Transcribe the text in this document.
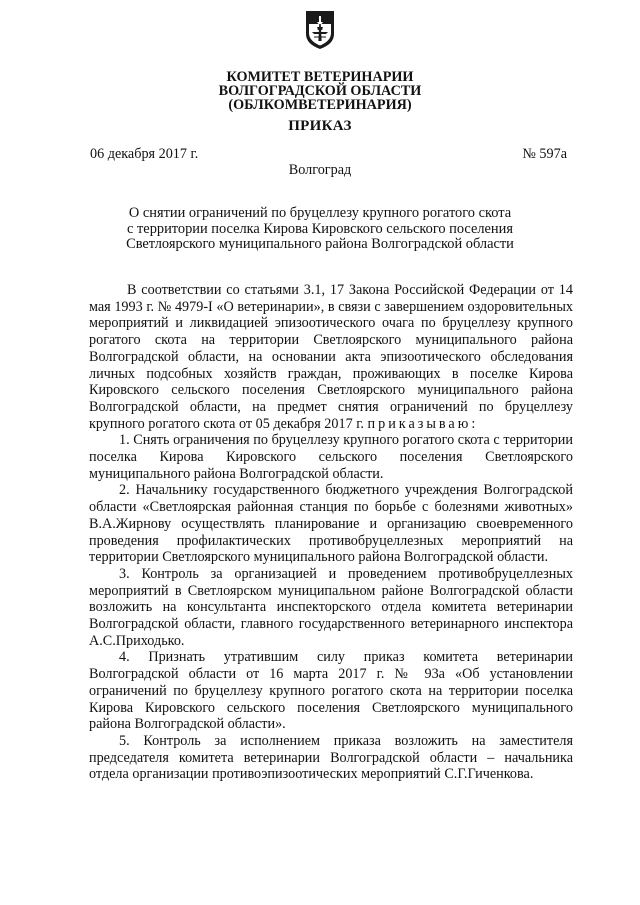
КОМИТЕТ ВЕТЕРИНАРИИ
ВОЛГОГРАДСКОЙ ОБЛАСТИ
(ОБЛКОМВЕТЕРИНАРИЯ)
ПРИКАЗ
06 декабря 2017 г.	№ 597а
Волгоград
О снятии ограничений по бруцеллезу крупного рогатого скота
с территории поселка Кирова Кировского сельского поселения
Светлоярского муниципального района Волгоградской области

В соответствии со статьями 3.1, 17 Закона Российской Федерации от 14 мая 1993 г. № 4979-I «О ветеринарии», в связи с завершением оздоровительных мероприятий и ликвидацией эпизоотического очага по бруцеллезу крупного рогатого скота на территории Светлоярского муниципального района Волгоградской области, на основании акта эпизоотического обследования личных подсобных хозяйств граждан, проживающих в поселке Кирова Кировского сельского поселения Светлоярского муниципального района Волгоградской области, на предмет снятия ограничений по бруцеллезу крупного рогатого скота от 05 декабря 2017 г. приказываю:

1. Снять ограничения по бруцеллезу крупного рогатого скота с территории поселка Кирова Кировского сельского поселения Светлоярского муниципального района Волгоградской области.

2. Начальнику государственного бюджетного учреждения Волгоградской области «Светлоярская районная станция по борьбе с болезнями животных» В.А.Жирнову осуществлять планирование и организацию своевременного проведения профилактических противобруцеллезных мероприятий на территории Светлоярского муниципального района Волгоградской области.

3. Контроль за организацией и проведением противобруцеллезных мероприятий в Светлоярском муниципальном районе Волгоградской области возложить на консультанта инспекторского отдела комитета ветеринарии Волгоградской области, главного государственного ветеринарного инспектора А.С.Приходько.

4. Признать утратившим силу приказ комитета ветеринарии Волгоградской области от 16 марта 2017 г. № 93а «Об установлении ограничений по бруцеллезу крупного рогатого скота на территории поселка Кирова Кировского сельского поселения Светлоярского муниципального района Волгоградской области».

5. Контроль за исполнением приказа возложить на заместителя председателя комитета ветеринарии Волгоградской области – начальника отдела организации противоэпизоотических мероприятий С.Г.Гиченкова.
